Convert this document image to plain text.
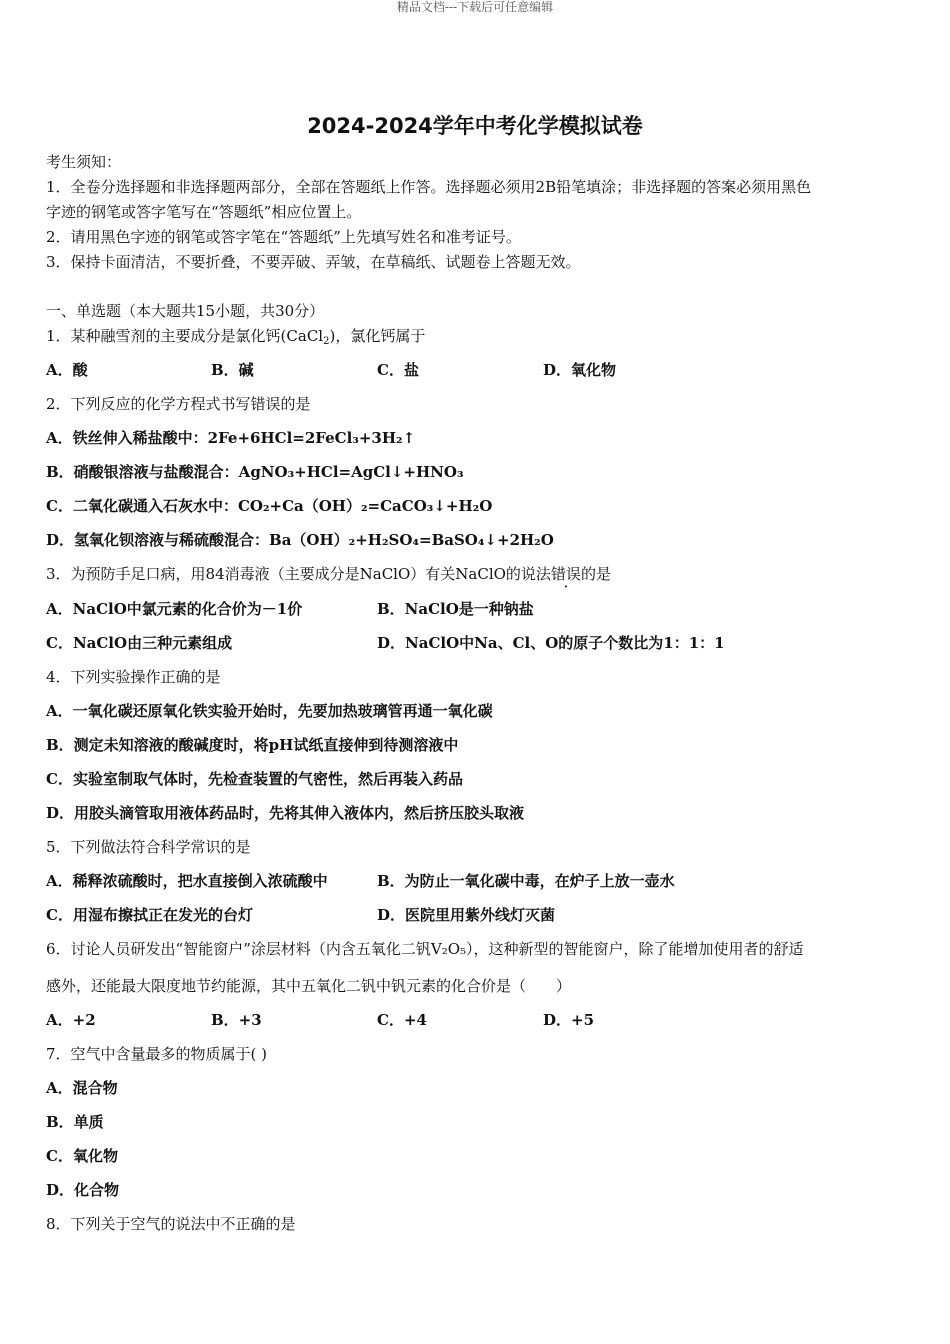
精品文档---下载后可任意编辑
2024-2024学年中考化学模拟试卷
考生须知：
1．全卷分选择题和非选择题两部分，全部在答题纸上作答。选择题必须用2B铅笔填涂；非选择题的答案必须用黑色
字迹的钢笔或答字笔写在“答题纸”相应位置上。
2．请用黑色字迹的钢笔或答字笔在“答题纸”上先填写姓名和准考证号。
3．保持卡面清洁，不要折叠，不要弄破、弄皱，在草稿纸、试题卷上答题无效。
一、单选题（本大题共15小题，共30分）
1．某种融雪剂的主要成分是氯化钙(CaCl$_2$)，氯化钙属于
A．酸	B．碱	C．盐	D．氧化物
2．下列反应的化学方程式书写错误的是
A．铁丝伸入稀盐酸中：2Fe+6HCl=2FeCl₃+3H₂↑
B．硝酸银溶液与盐酸混合：AgNO₃+HCl=AgCl↓+HNO₃
C．二氧化碳通入石灰水中：CO₂+Ca（OH）₂=CaCO₃↓+H₂O
D．氢氧化钡溶液与稀硫酸混合：Ba（OH）₂+H₂SO₄=BaSO₄↓+2H₂O
3．为预防手足口病，用84消毒液（主要成分是NaClO）有关NaClO的说法错误的是
A．NaClO中氯元素的化合价为－1价	B．NaClO是一种钠盐
C．NaClO由三种元素组成	D．NaClO中Na、Cl、O的原子个数比为1：1：1
4．下列实验操作正确的是
A．一氧化碳还原氧化铁实验开始时，先要加热玻璃管再通一氧化碳
B．测定未知溶液的酸碱度时，将pH试纸直接伸到待测溶液中
C．实验室制取气体时，先检查装置的气密性，然后再装入药品
D．用胶头滴管取用液体药品时，先将其伸入液体内，然后挤压胶头取液
5．下列做法符合科学常识的是
A．稀释浓硫酸时，把水直接倒入浓硫酸中	B．为防止一氧化碳中毒，在炉子上放一壶水
C．用湿布擦拭正在发光的台灯	D．医院里用紫外线灯灭菌
6．讨论人员研发出“智能窗户”涂层材料（内含五氧化二钒V₂O₅），这种新型的智能窗户，除了能增加使用者的舒适
感外，还能最大限度地节约能源，其中五氧化二钒中钒元素的化合价是（　　）
A．+2	B．+3	C．+4	D．+5
7．空气中含量最多的物质属于( )
A．混合物
B．单质
C．氧化物
D．化合物
8．下列关于空气的说法中不正确的是
